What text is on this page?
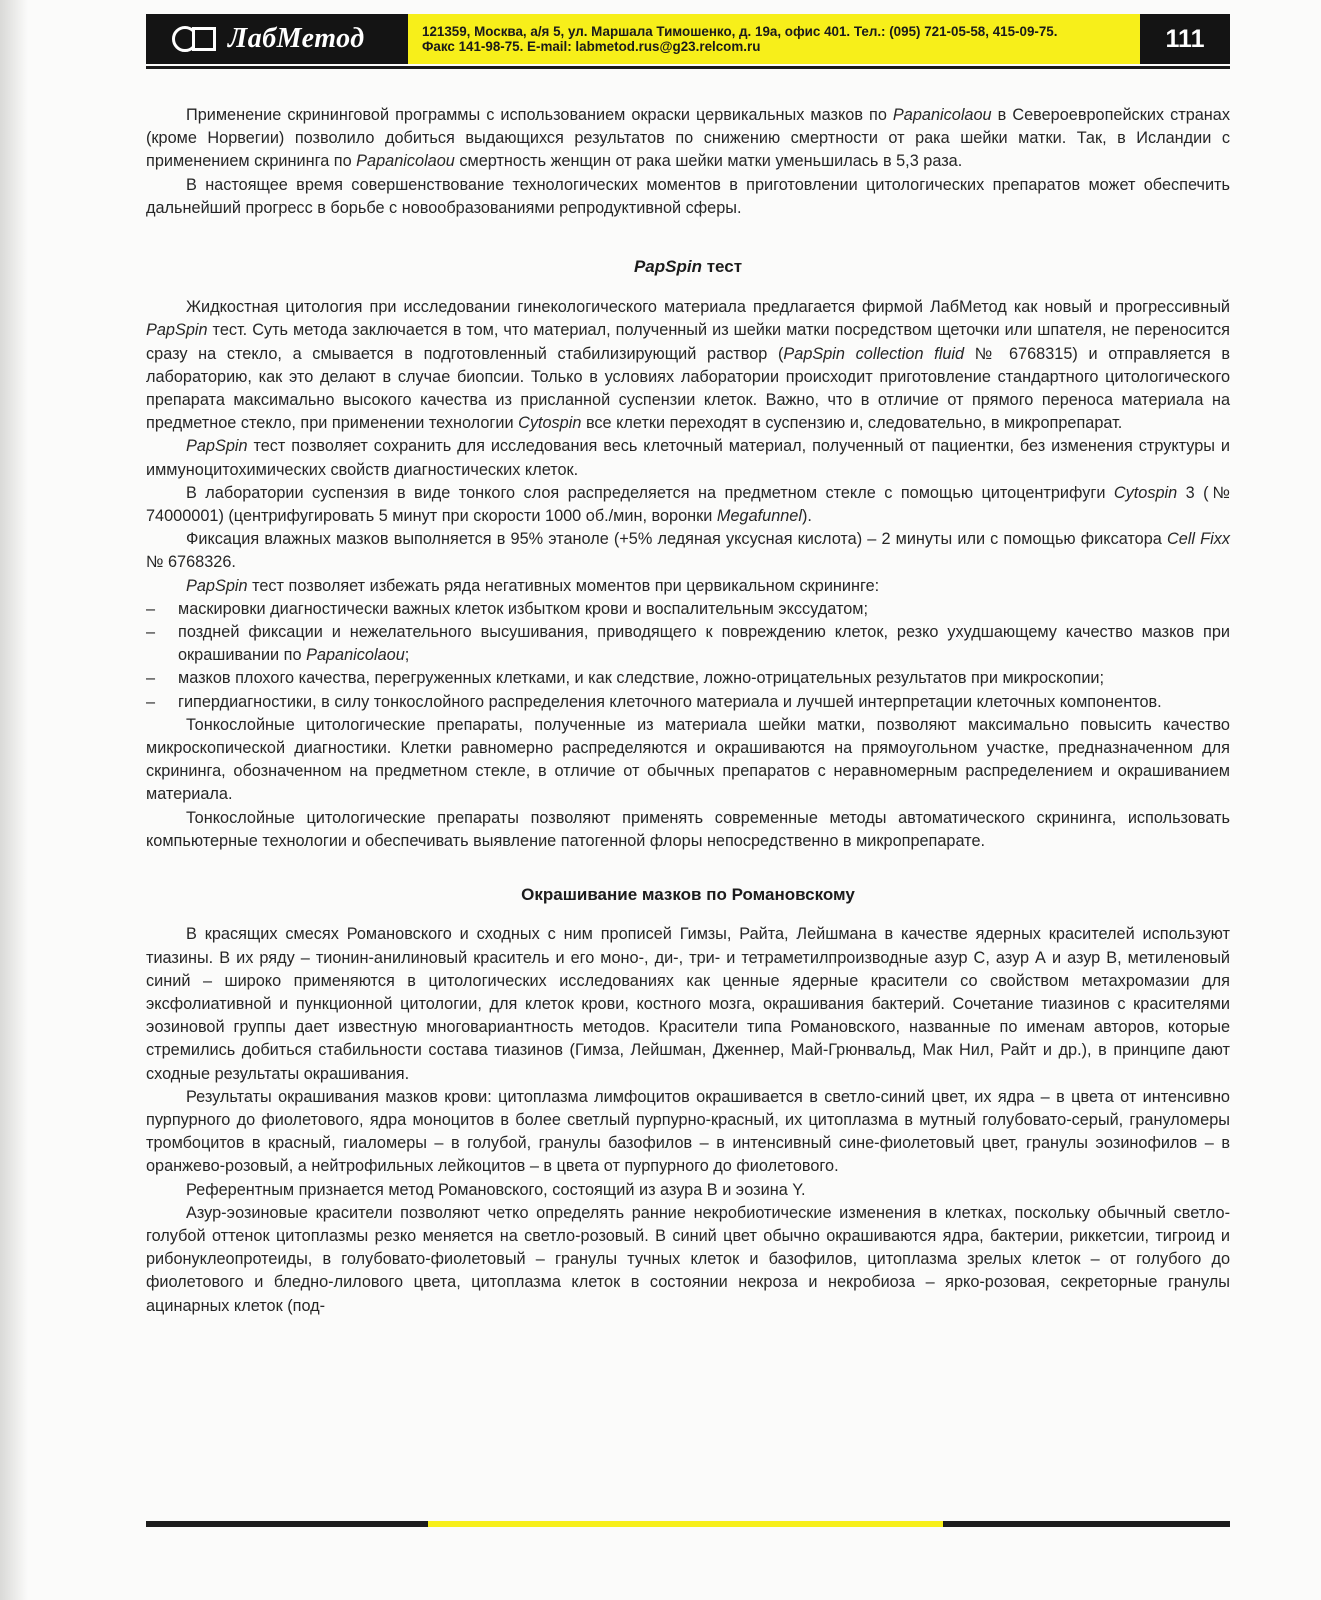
ЛабМетод	121359, Москва, а/я 5, ул. Маршала Тимошенко, д. 19а, офис 401. Тел.: (095) 721-05-58, 415-09-75.
Факс 141-98-75. E-mail: labmetod.rus@g23.relcom.ru	111

Применение скрининговой программы с использованием окраски цервикальных мазков по Papanicolaou в Североевропейских странах (кроме Норвегии) позволило добиться выдающихся результатов по снижению смертности от рака шейки матки. Так, в Исландии с применением скрининга по Papanicolaou смертность женщин от рака шейки матки уменьшилась в 5,3 раза.

В настоящее время совершенствование технологических моментов в приготовлении цитологических препаратов может обеспечить дальнейший прогресс в борьбе с новообразованиями репродуктивной сферы.

PapSpin тест

Жидкостная цитология при исследовании гинекологического материала предлагается фирмой ЛабМетод как новый и прогрессивный PapSpin тест. Суть метода заключается в том, что материал, полученный из шейки матки посредством щеточки или шпателя, не переносится сразу на стекло, а смывается в подготовленный стабилизирующий раствор (PapSpin collection fluid № 6768315) и отправляется в лабораторию, как это делают в случае биопсии. Только в условиях лаборатории происходит приготовление стандартного цитологического препарата максимально высокого качества из присланной суспензии клеток. Важно, что в отличие от прямого переноса материала на предметное стекло, при применении технологии Cytospin все клетки переходят в суспензию и, следовательно, в микропрепарат.

PapSpin тест позволяет сохранить для исследования весь клеточный материал, полученный от пациентки, без изменения структуры и иммуноцитохимических свойств диагностических клеток.

В лаборатории суспензия в виде тонкого слоя распределяется на предметном стекле с помощью цитоцентрифуги Cytospin 3 (№ 74000001) (центрифугировать 5 минут при скорости 1000 об./мин, воронки Megafunnel).

Фиксация влажных мазков выполняется в 95% этаноле (+5% ледяная уксусная кислота) – 2 минуты или с помощью фиксатора Cell Fixx № 6768326.

PapSpin тест позволяет избежать ряда негативных моментов при цервикальном скрининге:

– маскировки диагностически важных клеток избытком крови и воспалительным экссудатом;
– поздней фиксации и нежелательного высушивания, приводящего к повреждению клеток, резко ухудшающему качество мазков при окрашивании по Papanicolaou;
– мазков плохого качества, перегруженных клетками, и как следствие, ложно-отрицательных результатов при микроскопии;
– гипердиагностики, в силу тонкослойного распределения клеточного материала и лучшей интерпретации клеточных компонентов.

Тонкослойные цитологические препараты, полученные из материала шейки матки, позволяют максимально повысить качество микроскопической диагностики. Клетки равномерно распределяются и окрашиваются на прямоугольном участке, предназначенном для скрининга, обозначенном на предметном стекле, в отличие от обычных препаратов с неравномерным распределением и окрашиванием материала.

Тонкослойные цитологические препараты позволяют применять современные методы автоматического скрининга, использовать компьютерные технологии и обеспечивать выявление патогенной флоры непосредственно в микропрепарате.

Окрашивание мазков по Романовскому

В красящих смесях Романовского и сходных с ним прописей Гимзы, Райта, Лейшмана в качестве ядерных красителей используют тиазины. В их ряду – тионин-анилиновый краситель и его моно-, ди-, три- и тетраметилпроизводные азур С, азур А и азур В, метиленовый синий – широко применяются в цитологических исследованиях как ценные ядерные красители со свойством метахромазии для эксфолиативной и пункционной цитологии, для клеток крови, костного мозга, окрашивания бактерий. Сочетание тиазинов с красителями эозиновой группы дает известную многовариантность методов. Красители типа Романовского, названные по именам авторов, которые стремились добиться стабильности состава тиазинов (Гимза, Лейшман, Дженнер, Май-Грюнвальд, Мак Нил, Райт и др.), в принципе дают сходные результаты окрашивания.

Результаты окрашивания мазков крови: цитоплазма лимфоцитов окрашивается в светло-синий цвет, их ядра – в цвета от интенсивно пурпурного до фиолетового, ядра моноцитов в более светлый пурпурно-красный, их цитоплазма в мутный голубовато-серый, грануломеры тромбоцитов в красный, гиаломеры – в голубой, гранулы базофилов – в интенсивный сине-фиолетовый цвет, гранулы эозинофилов – в оранжево-розовый, а нейтрофильных лейкоцитов – в цвета от пурпурного до фиолетового.

Референтным признается метод Романовского, состоящий из азура В и эозина Y.

Азур-эозиновые красители позволяют четко определять ранние некробиотические изменения в клетках, поскольку обычный светло-голубой оттенок цитоплазмы резко меняется на светло-розовый. В синий цвет обычно окрашиваются ядра, бактерии, риккетсии, тигроид и рибонуклеопротеиды, в голубовато-фиолетовый – гранулы тучных клеток и базофилов, цитоплазма зрелых клеток – от голубого до фиолетового и бледно-лилового цвета, цитоплазма клеток в состоянии некроза и некробиоза – ярко-розовая, секреторные гранулы ацинарных клеток (под-
